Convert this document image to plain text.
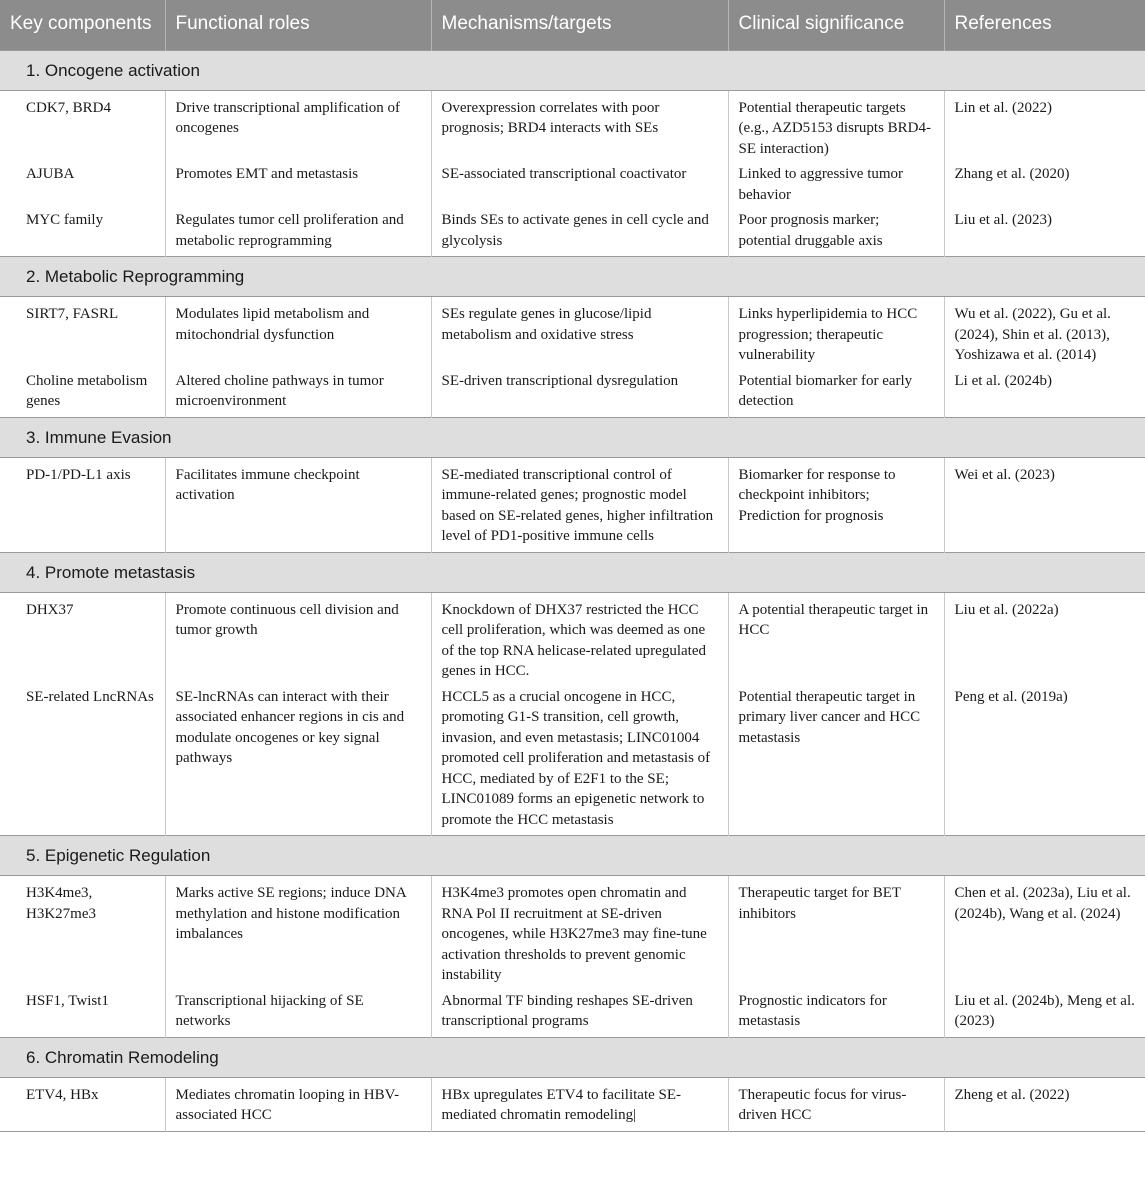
Key components	Functional roles	Mechanisms/targets	Clinical significance	References
1. Oncogene activation				
CDK7, BRD4	Drive transcriptional amplification of oncogenes	Overexpression correlates with poor prognosis; BRD4 interacts with SEs	Potential therapeutic targets (e.g., AZD5153 disrupts BRD4-SE interaction)	Lin et al. (2022)
AJUBA	Promotes EMT and metastasis	SE-associated transcriptional coactivator	Linked to aggressive tumor behavior	Zhang et al. (2020)
MYC family	Regulates tumor cell proliferation and metabolic reprogramming	Binds SEs to activate genes in cell cycle and glycolysis	Poor prognosis marker; potential druggable axis	Liu et al. (2023)
2. Metabolic Reprogramming				
SIRT7, FASRL	Modulates lipid metabolism and mitochondrial dysfunction	SEs regulate genes in glucose/lipid metabolism and oxidative stress	Links hyperlipidemia to HCC progression; therapeutic vulnerability	Wu et al. (2022), Gu et al. (2024), Shin et al. (2013), Yoshizawa et al. (2014)
Choline metabolism genes	Altered choline pathways in tumor microenvironment	SE-driven transcriptional dysregulation	Potential biomarker for early detection	Li et al. (2024b)
3. Immune Evasion				
PD-1/PD-L1 axis	Facilitates immune checkpoint activation	SE-mediated transcriptional control of immune-related genes; prognostic model based on SE-related genes, higher infiltration level of PD1-positive immune cells	Biomarker for response to checkpoint inhibitors; Prediction for prognosis	Wei et al. (2023)
4. Promote metastasis				
DHX37	Promote continuous cell division and tumor growth	Knockdown of DHX37 restricted the HCC cell proliferation, which was deemed as one of the top RNA helicase-related upregulated genes in HCC.	A potential therapeutic target in HCC	Liu et al. (2022a)
SE-related LncRNAs	SE-lncRNAs can interact with their associated enhancer regions in cis and modulate oncogenes or key signal pathways	HCCL5 as a crucial oncogene in HCC, promoting G1-S transition, cell growth, invasion, and even metastasis; LINC01004 promoted cell proliferation and metastasis of HCC, mediated by of E2F1 to the SE; LINC01089 forms an epigenetic network to promote the HCC metastasis	Potential therapeutic target in primary liver cancer and HCC metastasis	Peng et al. (2019a)
5. Epigenetic Regulation				
H3K4me3, H3K27me3	Marks active SE regions; induce DNA methylation and histone modification imbalances	H3K4me3 promotes open chromatin and RNA Pol II recruitment at SE-driven oncogenes, while H3K27me3 may fine-tune activation thresholds to prevent genomic instability	Therapeutic target for BET inhibitors	Chen et al. (2023a), Liu et al. (2024b), Wang et al. (2024)
HSF1, Twist1	Transcriptional hijacking of SE networks	Abnormal TF binding reshapes SE-driven transcriptional programs	Prognostic indicators for metastasis	Liu et al. (2024b), Meng et al. (2023)
6. Chromatin Remodeling				
ETV4, HBx	Mediates chromatin looping in HBV-associated HCC	HBx upregulates ETV4 to facilitate SE-mediated chromatin remodeling|	Therapeutic focus for virus-driven HCC	Zheng et al. (2022)
